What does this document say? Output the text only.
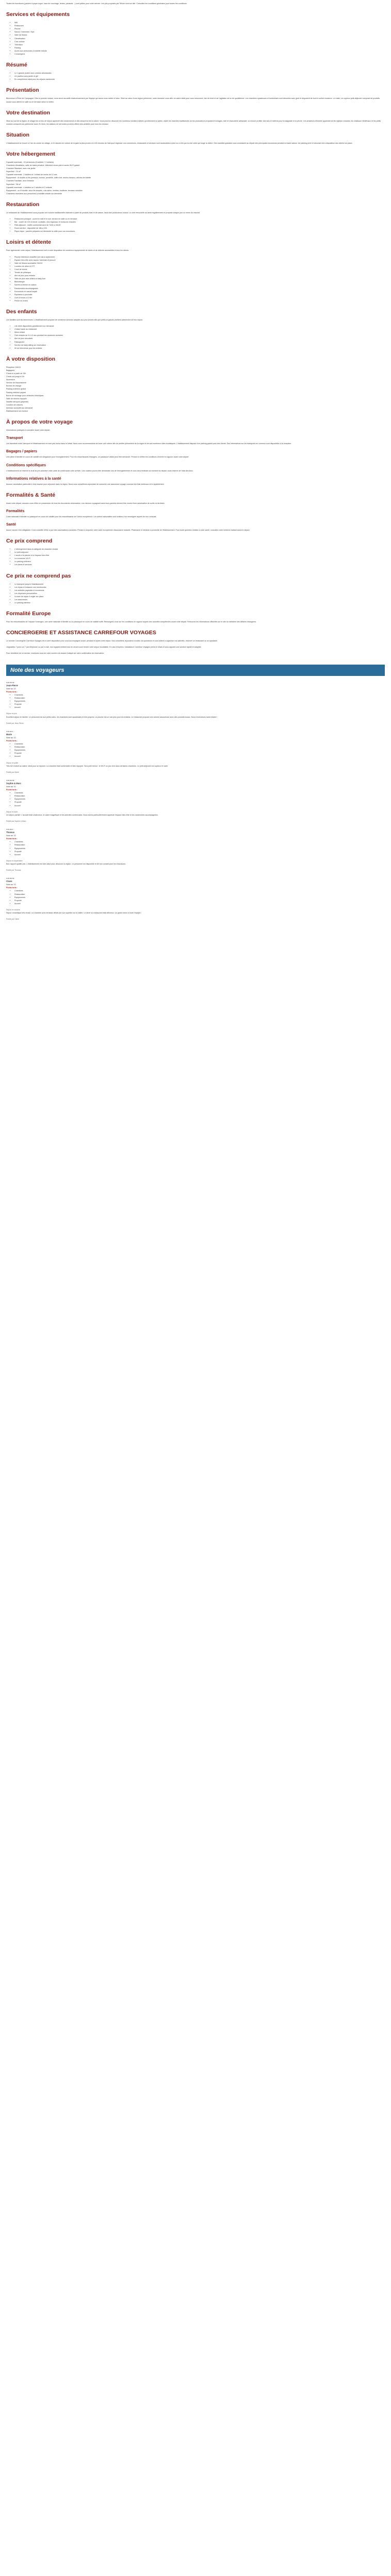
Toutes les fournitures (paniers à pique-nique, sacs de couchage, tentes, parasols…) sont prêtes pour votre arrivée. Les prix proposés par Tellure sont sur site. Consultez les conditions générales pour toutes les conditions.

Services et équipements
• Wifi
• Restaurant
• Piscine
• Sauna / Hammam / Spa
• Salle de fitness
• Climatisation
• Coin cuisine
• Télévision
• Parking
• Accès aux personnes à mobilité réduite
• Conciergerie
Résumé
• Le 1 grande prairie avec ombres abondantes
• Un pavillon avec jardin et gril
• En complément idéal pour les séjours randonnée
Présentation

Bienvenue à Rêve de Campagne ! Dès le premier instant, vous serez accueilli chaleureusement par l'équipe qui saura vous mettre à l'aise. Situé au cœur d'une région préservée, notre domaine vous offre un cadre idéal pour vous ressourcer, loin du bruit et de l'agitation de la vie quotidienne. Les chambres spacieuses et lumineuses sont décorées avec goût et disposent de tout le confort moderne. Le matin, un copieux petit-déjeuner composé de produits locaux vous attend en salle ou en terrasse selon la météo.

Votre destination

Situé au sud de la région, le village est un lieu de séjour apprécié des randonneurs et des amoureux de la nature. Vous pourrez découvrir les nombreux sentiers balisés qui sillonnent la vallée, visiter les marchés traditionnels où les producteurs proposent fromages, miel et charcuterie artisanale, ou encore profiter des lacs et rivières pour la baignade et la pêche. Les amateurs d'histoire apprécieront les églises romanes, les châteaux médiévaux et les petits musées consacrés au patrimoine local. En hiver, les stations de ski toutes proches offrent des activités pour tous les niveaux.

Situation

L'établissement se trouve à 2 km du centre du village, à 15 minutes en voiture de la gare la plus proche et à 45 minutes de l'aéroport régional. Les commerces, restaurants et services sont accessibles à pied ou à vélo par la voie verte qui longe la rivière. Des navettes gratuites vous conduisent au départ des principales excursions pendant la haute saison. Un parking privé et sécurisé est à disposition des clients sur place.

Votre hébergement
Capacité maximale : 10 personnes (8 adultes + 2 enfants)
Chambres climatisées, salle de bains privative, télévision écran plat et accès Wi-Fi gratuit
Chambre Standard, avec vue jardin
Superficie : 24 m²
Capacité maximale : 2 adultes et 1 enfant de moins de 12 ans
Équipement : lit double ou lits jumeaux, bureau, penderie, coffre-fort, sèche-cheveux, articles de toilette
Chambre Familiale, avec terrasse
Superficie : 38 m²
Capacité maximale : 4 adultes ou 2 adultes et 2 enfants
Équipement : un lit double, deux lits simples, coin salon, minibar, bouilloire, terrasse meublée
Chambres réservées aux personnes à mobilité réduite sur demande
Restauration

Le restaurant de l'établissement vous propose une cuisine traditionnelle élaborée à partir de produits frais et de saison, issus des producteurs locaux. Le chef renouvelle sa carte régulièrement et propose chaque jour un menu du marché.

• Restaurant principal : ouvert le midi et le soir, service en salle ou en terrasse
• Bar : ouvert de 10h à minuit, cocktails, vins régionaux et boissons chaudes
• Petit-déjeuner : buffet continental servi de 7h30 à 10h30
• Room service : disponible de 18h à 22h
• Pique-nique : paniers préparés sur demande la veille pour vos excursions
Loisirs et détente

Pour agrémenter votre séjour, l'établissement met à votre disposition de nombreux équipements de loisirs et de détente accessibles à tous les clients.

• Piscine extérieure chauffée (de mai à septembre)
• Espace bien-être avec sauna, hammam et jacuzzi
• Salle de fitness accessible 24h/24
• Location de vélos et VTT
• Court de tennis
• Terrain de pétanque
• Aire de jeux pour enfants
• Salle de jeux avec billard et baby-foot
• Bibliothèque
• Soirées à thème en saison
• Randonnées accompagnées
• Excursions en canoë-kayak
• Équitation à proximité
• Golf 18 trous à 10 km
• Pêche en rivière
Des enfants

Les familles sont les bienvenues ! L'établissement propose de nombreux services adaptés aux plus jeunes afin que petits et grands profitent pleinement de leur séjour.

• Lits bébé disponibles gratuitement sur demande
• Chaise haute au restaurant
• Menu enfant
• Club enfants de 4 à 12 ans pendant les vacances scolaires
• Aire de jeux sécurisée
• Pataugeoire
• Service de baby-sitting sur réservation
• Kit de bienvenue pour les enfants
À votre disposition
Réception 24h/24
Bagagerie
Check-in à partir de 15h
Check-out jusqu'à 11h
Ascenseur
Service de blanchisserie
Bureau de change
Parking extérieur gratuit
Parking intérieur payant
Borne de recharge pour véhicules électriques
Salle de réunion équipée
Navette aéroport (payante)
Location de voitures
Animaux acceptés sur demande
Établissement non-fumeur
À propos de votre voyage

Informations pratiques à connaître avant votre départ.

Transport

Les transferts entre l'aéroport et l'établissement ne sont pas inclus dans le forfait. Nous vous recommandons de louer une voiture afin de profiter pleinement de la région et de ses nombreux sites touristiques. L'établissement dispose d'un parking gratuit pour ses clients. Des informations sur les transports en commun sont disponibles à la réception.

Bagages / papiers

Une pièce d'identité en cours de validité est obligatoire pour l'enregistrement. Pour les ressortissants étrangers, un passeport valide peut être demandé. Pensez à vérifier les conditions d'entrée en vigueur avant votre départ.

Conditions spécifiques

L'établissement se réserve le droit de pré-autoriser votre carte de crédit avant votre arrivée. Une caution pourra être demandée lors de l'enregistrement et vous sera restituée au moment du départ, sous réserve de l'état des lieux.

Informations relatives à la santé

Aucune vaccination particulière n'est requise pour séjourner dans la région. Nous vous conseillons cependant de souscrire une assurance voyage couvrant les frais médicaux et le rapatriement.

Formalités & Santé

Avant votre départ, assurez-vous d'être en possession de tous les documents nécessaires. Les mineurs voyageant sans leurs parents doivent être munis d'une autorisation de sortie du territoire.

Formalités

Carte nationale d'identité ou passeport en cours de validité pour les ressortissants de l'Union européenne. Les autres nationalités sont invitées à se renseigner auprès de leur consulat.

Santé

Aucun vaccin n'est obligatoire. Il est conseillé d'être à jour des vaccinations courantes. Pensez à emporter votre carte européenne d'assurance maladie. Pharmacie et médecin à proximité de l'établissement. Pour toute question relative à votre santé, consultez votre médecin traitant avant le départ.

Ce prix comprend
• L'hébergement dans la catégorie de chambre choisie
• Le petit-déjeuner
• L'accès à la piscine et à l'espace bien-être
• La connexion Wi-Fi
• Le parking extérieur
• Les taxes et services
Ce prix ne comprend pas
• Le transport jusqu'à l'établissement
• Les repas et boissons non mentionnés
• Les activités payantes et excursions
• Les dépenses personnelles
• La taxe de séjour à régler sur place
• Les assurances
• Le parking intérieur
Formalité Europe

Pour les ressortissants de l'espace Schengen, une carte nationale d'identité ou un passeport en cours de validité suffit. Renseignez-vous sur les conditions en vigueur auprès des autorités compétentes avant votre départ. Retrouvez les informations officielles sur le site du ministère des Affaires étrangères.

CONCIERGERIE ET ASSISTANCE CARREFOUR VOYAGES

Le service Conciergerie Carrefour Voyages est à votre disposition pour vous accompagner avant, pendant et après votre séjour. Nos conseillers répondent à toutes vos questions et vous aident à organiser vos activités, réserver un restaurant ou un spectacle.

Joignables 7 jours sur 7 par téléphone ou par e-mail, nos équipes mettent tout en œuvre pour rendre votre séjour inoubliable. En cas d'imprévu, l'assistance Carrefour Voyages prend le relais et vous apporte une solution rapide et adaptée.

Pour bénéficier de ce service, munissez-vous de votre numéro de dossier indiqué sur votre confirmation de réservation.

Note des voyageurs
★★★★★
Jean-Pierre
Note sur 10
Points forts :
• Chambres
• Restauration
• Équipements
• Propreté
• Accueil
Séjour en juin

Excellent séjour en famille. Le personnel est aux petits soins, les chambres sont spacieuses et très propres. La piscine est un vrai plus pour les enfants. Le restaurant propose une cuisine savoureuse avec des produits locaux. Nous reviendrons sans hésiter !

Publié par Jean-Pierre
★★★★☆
Marie
Note sur 10
Points forts :
• Chambres
• Restauration
• Équipements
• Propreté
• Accueil
Séjour en juillet

Très bel endroit au calme, idéal pour se reposer. La chambre était confortable et bien équipée. Seul petit bémol : le Wi-Fi un peu lent dans certaines chambres. Le petit-déjeuner est copieux et varié.

Publié par Marie
★★★★★
Sophie & Marc
Note sur 10
Points forts :
• Chambres
• Restauration
• Équipements
• Propreté
• Accueil
Séjour en août

Un séjour parfait ! L'accueil était chaleureux, le cadre magnifique et les activités nombreuses. Nous avons particulièrement apprécié l'espace bien-être et les randonnées accompagnées.

Publié par Sophie & Marc
★★★★☆
Thomas
Note sur 10
Points forts :
• Chambres
• Restauration
• Équipements
• Propreté
• Accueil
Séjour en septembre

Bon rapport qualité-prix. L'établissement est bien situé pour découvrir la région. Le personnel est disponible et de bon conseil pour les excursions.

Publié par Thomas
★★★★★
Claire
Note sur 10
Points forts :
• Chambres
• Restauration
• Équipements
• Propreté
• Accueil
Séjour en octobre

Séjour romantique très réussi. La chambre avec terrasse offrait une vue superbe sur la vallée. Le dîner au restaurant était délicieux. Un grand merci à toute l'équipe !

Publié par Claire
